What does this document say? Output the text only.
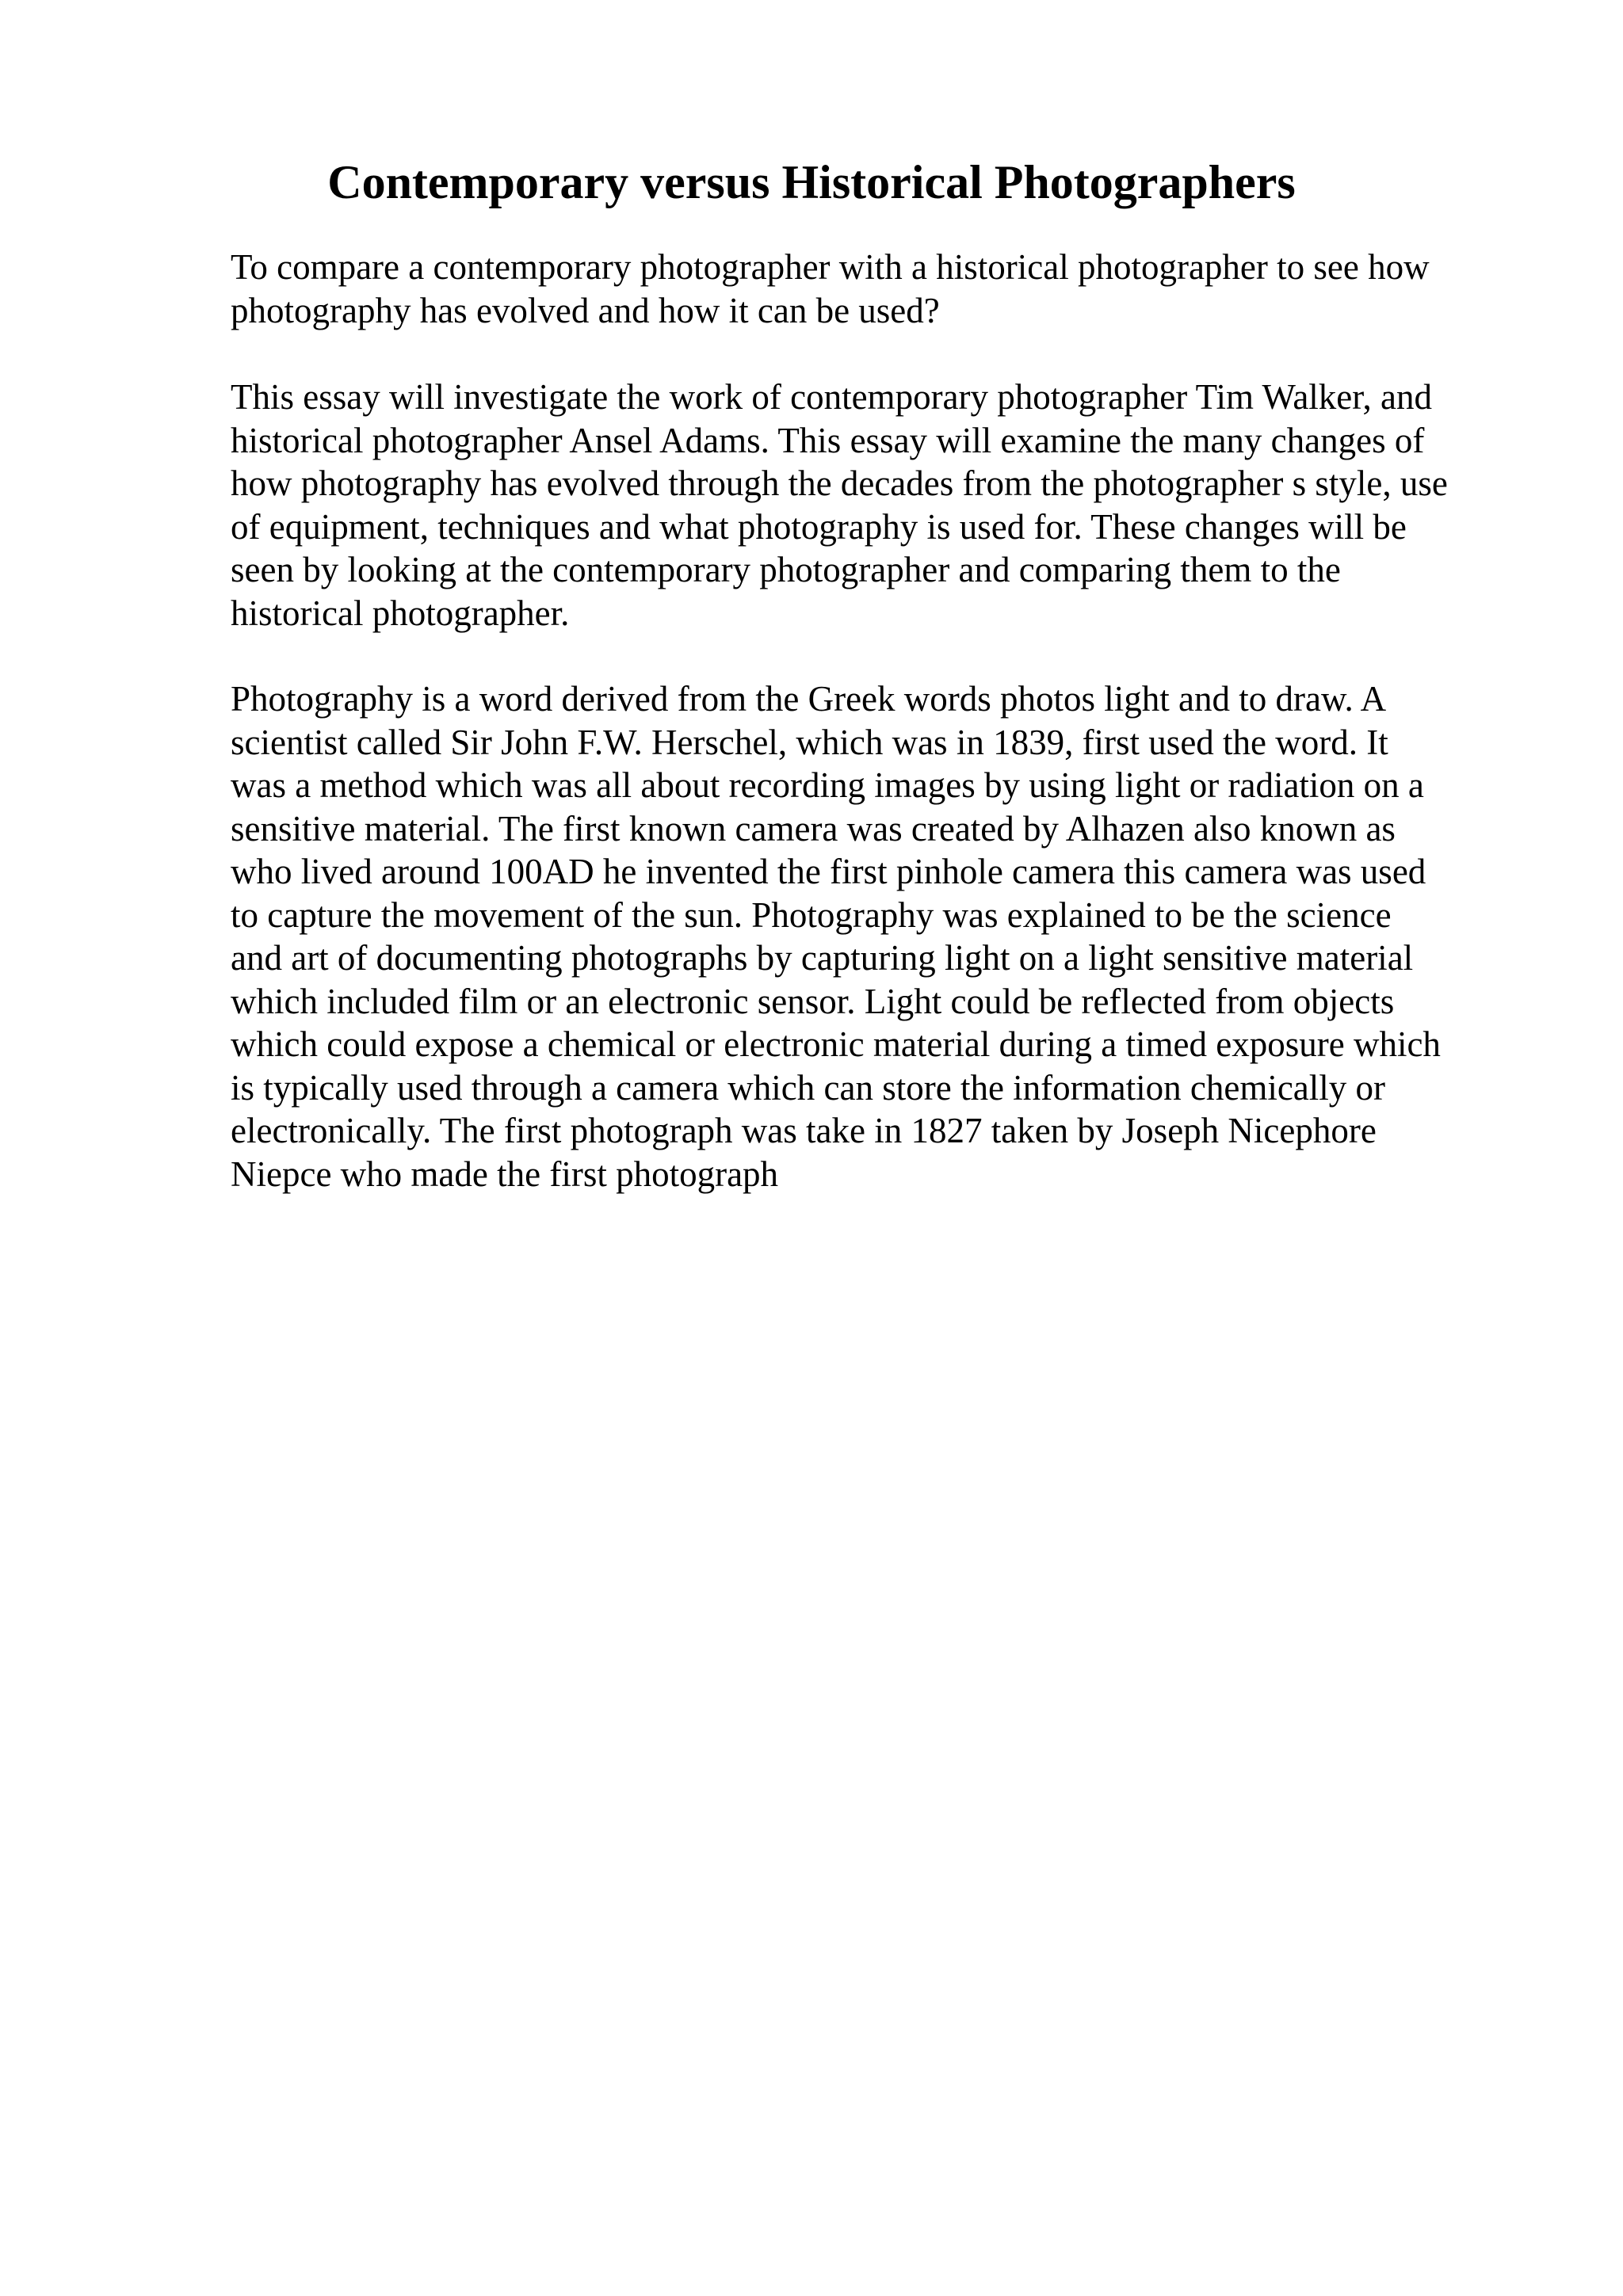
Contemporary versus Historical Photographers

To compare a contemporary photographer with a historical photographer to see how
photography has evolved and how it can be used?

This essay will investigate the work of contemporary photographer Tim Walker, and
historical photographer Ansel Adams. This essay will examine the many changes of
how photography has evolved through the decades from the photographer s style, use
of equipment, techniques and what photography is used for. These changes will be
seen by looking at the contemporary photographer and comparing them to the
historical photographer.

Photography is a word derived from the Greek words photos light and to draw. A
scientist called Sir John F.W. Herschel, which was in 1839, first used the word. It
was a method which was all about recording images by using light or radiation on a
sensitive material. The first known camera was created by Alhazen also known as
who lived around 100AD he invented the first pinhole camera this camera was used
to capture the movement of the sun. Photography was explained to be the science
and art of documenting photographs by capturing light on a light sensitive material
which included film or an electronic sensor. Light could be reflected from objects
which could expose a chemical or electronic material during a timed exposure which
is typically used through a camera which can store the information chemically or
electronically. The first photograph was take in 1827 taken by Joseph Nicephore
Niepce who made the first photograph
